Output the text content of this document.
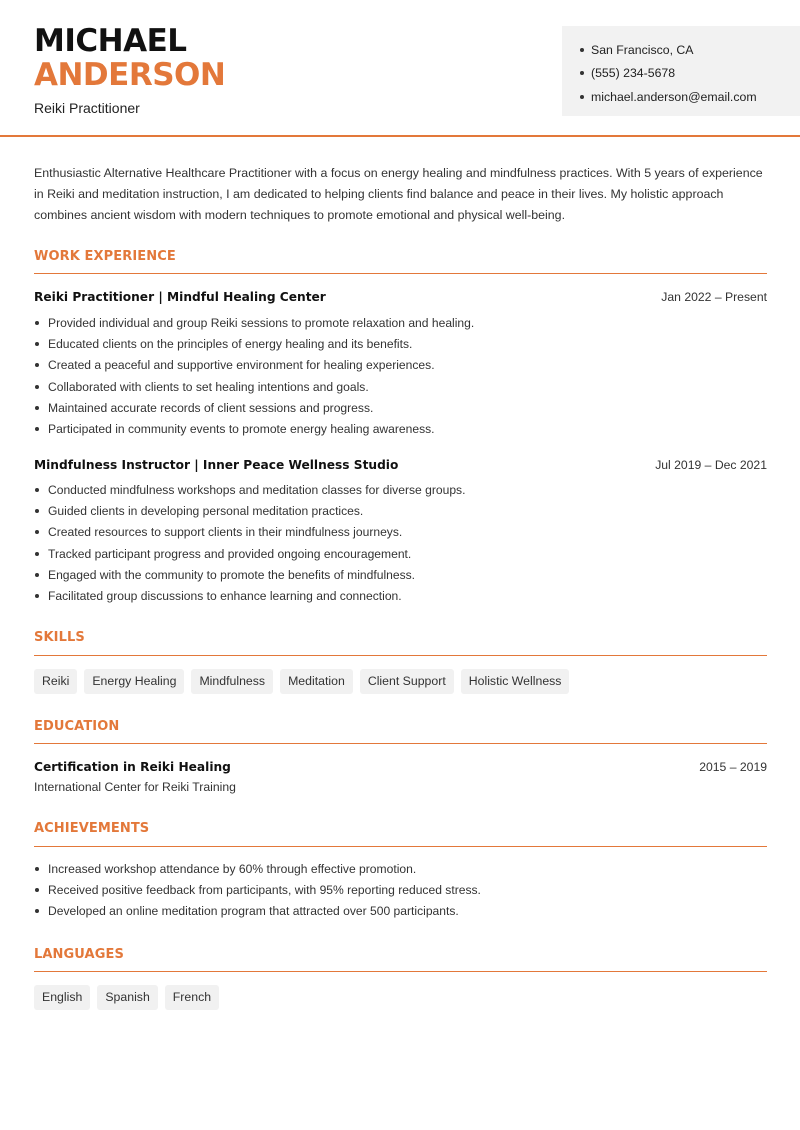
MICHAEL
ANDERSON
Reiki Practitioner
San Francisco, CA
(555) 234-5678
michael.anderson@email.com

Enthusiastic Alternative Healthcare Practitioner with a focus on energy healing and mindfulness practices. With 5 years of experience in Reiki and meditation instruction, I am dedicated to helping clients find balance and peace in their lives. My holistic approach combines ancient wisdom with modern techniques to promote emotional and physical well-being.

WORK EXPERIENCE
Reiki Practitioner | Mindful Healing Center	Jan 2022 – Present
Provided individual and group Reiki sessions to promote relaxation and healing.
Educated clients on the principles of energy healing and its benefits.
Created a peaceful and supportive environment for healing experiences.
Collaborated with clients to set healing intentions and goals.
Maintained accurate records of client sessions and progress.
Participated in community events to promote energy healing awareness.
Mindfulness Instructor | Inner Peace Wellness Studio	Jul 2019 – Dec 2021
Conducted mindfulness workshops and meditation classes for diverse groups.
Guided clients in developing personal meditation practices.
Created resources to support clients in their mindfulness journeys.
Tracked participant progress and provided ongoing encouragement.
Engaged with the community to promote the benefits of mindfulness.
Facilitated group discussions to enhance learning and connection.
SKILLS
Reiki	Energy Healing	Mindfulness	Meditation	Client Support	Holistic Wellness
EDUCATION
Certification in Reiki Healing	2015 – 2019
International Center for Reiki Training
ACHIEVEMENTS
Increased workshop attendance by 60% through effective promotion.
Received positive feedback from participants, with 95% reporting reduced stress.
Developed an online meditation program that attracted over 500 participants.
LANGUAGES
English	Spanish	French
